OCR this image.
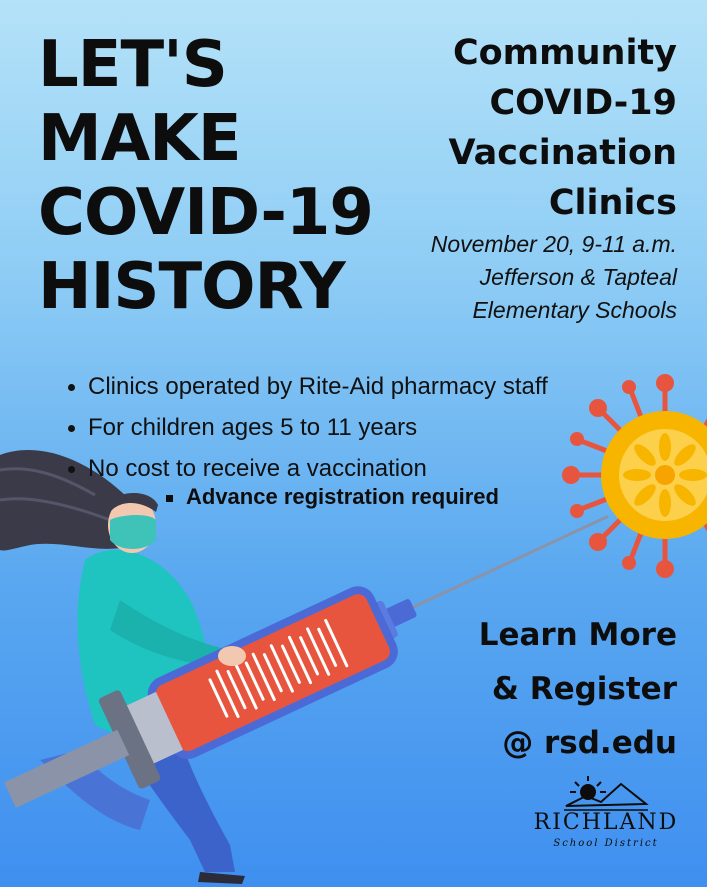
LET'S
MAKE
COVID-19
HISTORY
Community
COVID-19
Vaccination
Clinics
November 20, 9-11 a.m.
Jefferson & Tapteal
Elementary Schools
Clinics operated by Rite-Aid pharmacy staff
For children ages 5 to 11 years
No cost to receive a vaccination
Advance registration required
Learn More
& Register
@ rsd.edu
RICHLAND
School District
